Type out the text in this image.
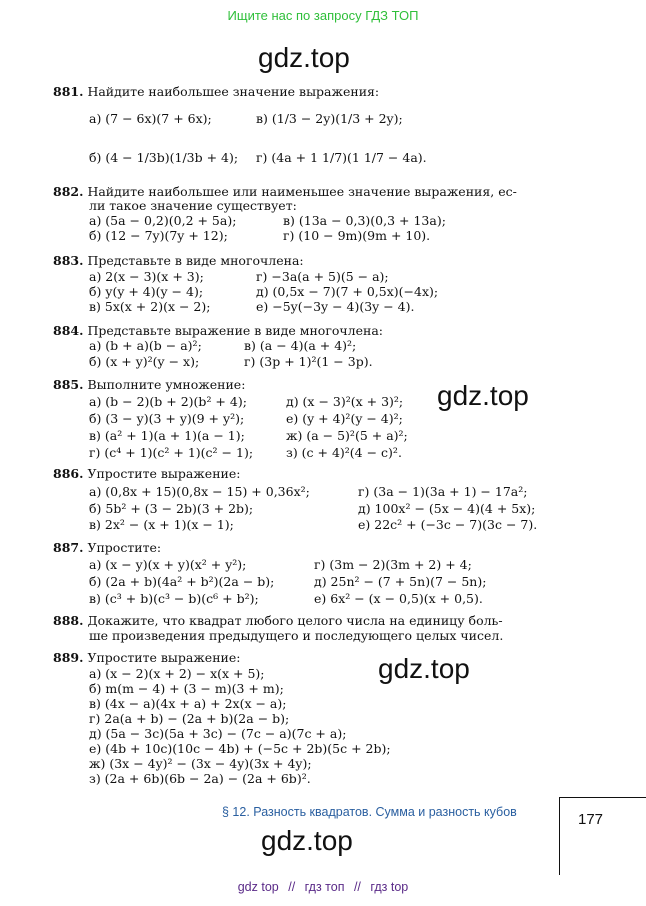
Ищите нас по запросу ГДЗ ТОП
gdz.top
gdz.top
gdz.top
gdz.top
881. Найдите наибольшее значение выражения:
а) (7 − 6x)(7 + 6x);	в) (1/3 − 2y)(1/3 + 2y);
б) (4 − 1/3b)(1/3b + 4); г) (4a + 1 1/7)(1 1/7 − 4a).
882. Найдите наибольшее или наименьшее значение выражения, ес-
ли такое значение существует:
а) (5a − 0,2)(0,2 + 5a);	в) (13a − 0,3)(0,3 + 13a);
б) (12 − 7y)(7y + 12);	г) (10 − 9m)(9m + 10).
883. Представьте в виде многочлена:
а) 2(x − 3)(x + 3);	г) −3a(a + 5)(5 − a);
б) y(y + 4)(y − 4);	д) (0,5x − 7)(7 + 0,5x)(−4x);
в) 5x(x + 2)(x − 2);	е) −5y(−3y − 4)(3y − 4).
884. Представьте выражение в виде многочлена:
а) (b + a)(b − a)²;	в) (a − 4)(a + 4)²;
б) (x + y)²(y − x);	г) (3p + 1)²(1 − 3p).
885. Выполните умножение:
а) (b − 2)(b + 2)(b² + 4);	д) (x − 3)²(x + 3)²;
б) (3 − y)(3 + y)(9 + y²);	е) (y + 4)²(y − 4)²;
в) (a² + 1)(a + 1)(a − 1);	ж) (a − 5)²(5 + a)²;
г) (c⁴ + 1)(c² + 1)(c² − 1);	з) (c + 4)²(4 − c)².
886. Упростите выражение:
а) (0,8x + 15)(0,8x − 15) + 0,36x²;	г) (3a − 1)(3a + 1) − 17a²;
б) 5b² + (3 − 2b)(3 + 2b);	д) 100x² − (5x − 4)(4 + 5x);
в) 2x² − (x + 1)(x − 1);	е) 22c² + (−3c − 7)(3c − 7).
887. Упростите:
а) (x − y)(x + y)(x² + y²);	г) (3m − 2)(3m + 2) + 4;
б) (2a + b)(4a² + b²)(2a − b);	д) 25n² − (7 + 5n)(7 − 5n);
в) (c³ + b)(c³ − b)(c⁶ + b²);	е) 6x² − (x − 0,5)(x + 0,5).
888. Докажите, что квадрат любого целого числа на единицу боль-
ше произведения предыдущего и последующего целых чисел.
889. Упростите выражение:
а) (x − 2)(x + 2) − x(x + 5);
б) m(m − 4) + (3 − m)(3 + m);
в) (4x − a)(4x + a) + 2x(x − a);
г) 2a(a + b) − (2a + b)(2a − b);
д) (5a − 3c)(5a + 3c) − (7c − a)(7c + a);
е) (4b + 10c)(10c − 4b) + (−5c + 2b)(5c + 2b);
ж) (3x − 4y)² − (3x − 4y)(3x + 4y);
з) (2a + 6b)(6b − 2a) − (2a + 6b)².
§ 12. Разность квадратов. Сумма и разность кубов	177
gdz top // гдз топ // гдз top
